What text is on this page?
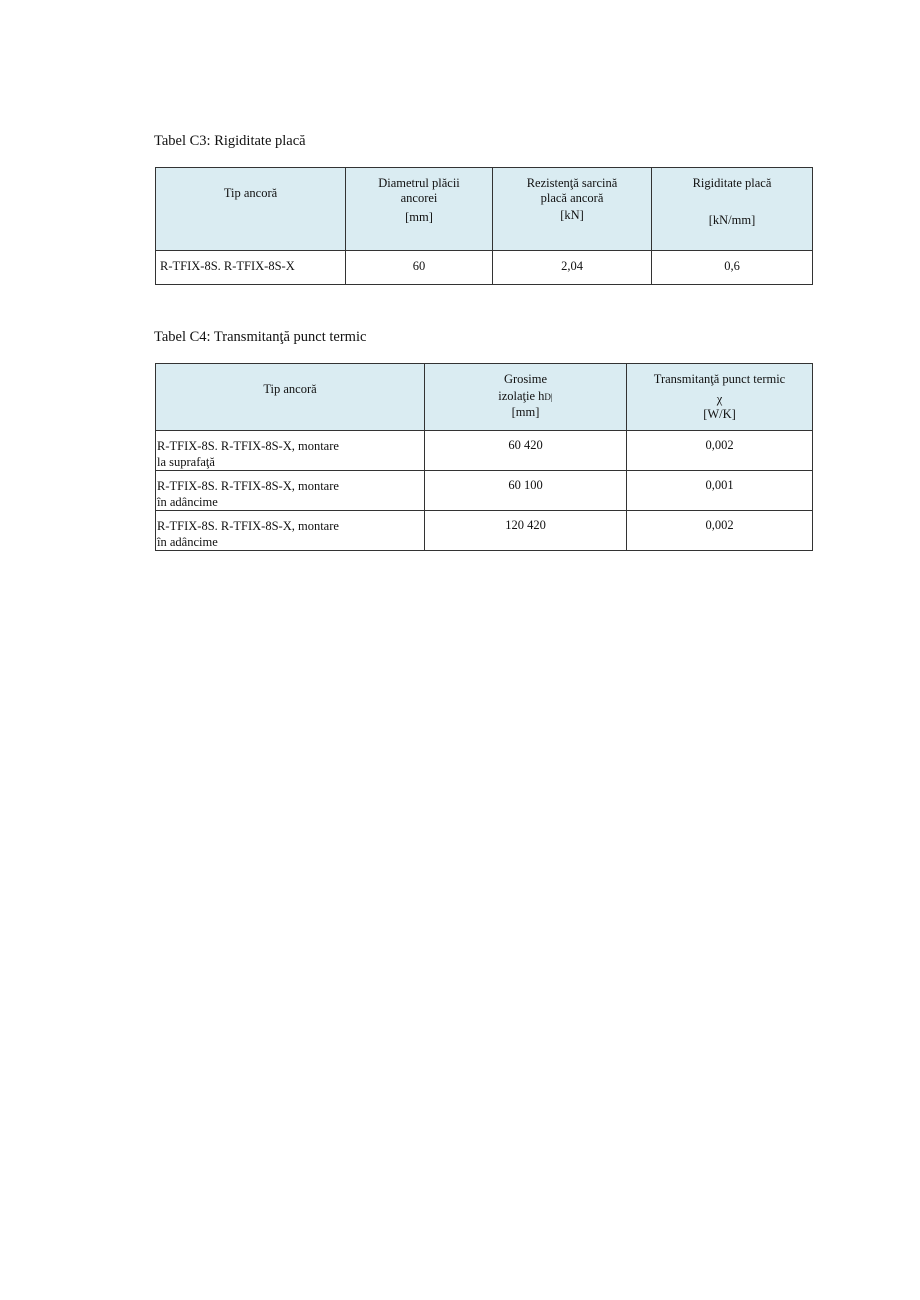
Tabel C3: Rigiditate placă
Tip ancoră

Diametrul plăcii
ancorei
[mm]

Rezistenţă sarcină
placă ancoră
[kN]

Rigiditate placă
[kN/mm]

R-TFIX-8S. R-TFIX-8S-X	60	2,04	0,6
Tabel C4: Transmitanţă punct termic
Tip ancoră

Grosime
izolaţie hD|
[mm]

Transmitanţă punct termic
χ
[W/K]

R-TFIX-8S. R-TFIX-8S-X, montare
la suprafaţă	60 420	0,002

R-TFIX-8S. R-TFIX-8S-X, montare
în adâncime	60 100	0,001

R-TFIX-8S. R-TFIX-8S-X, montare
în adâncime	120 420	0,002
